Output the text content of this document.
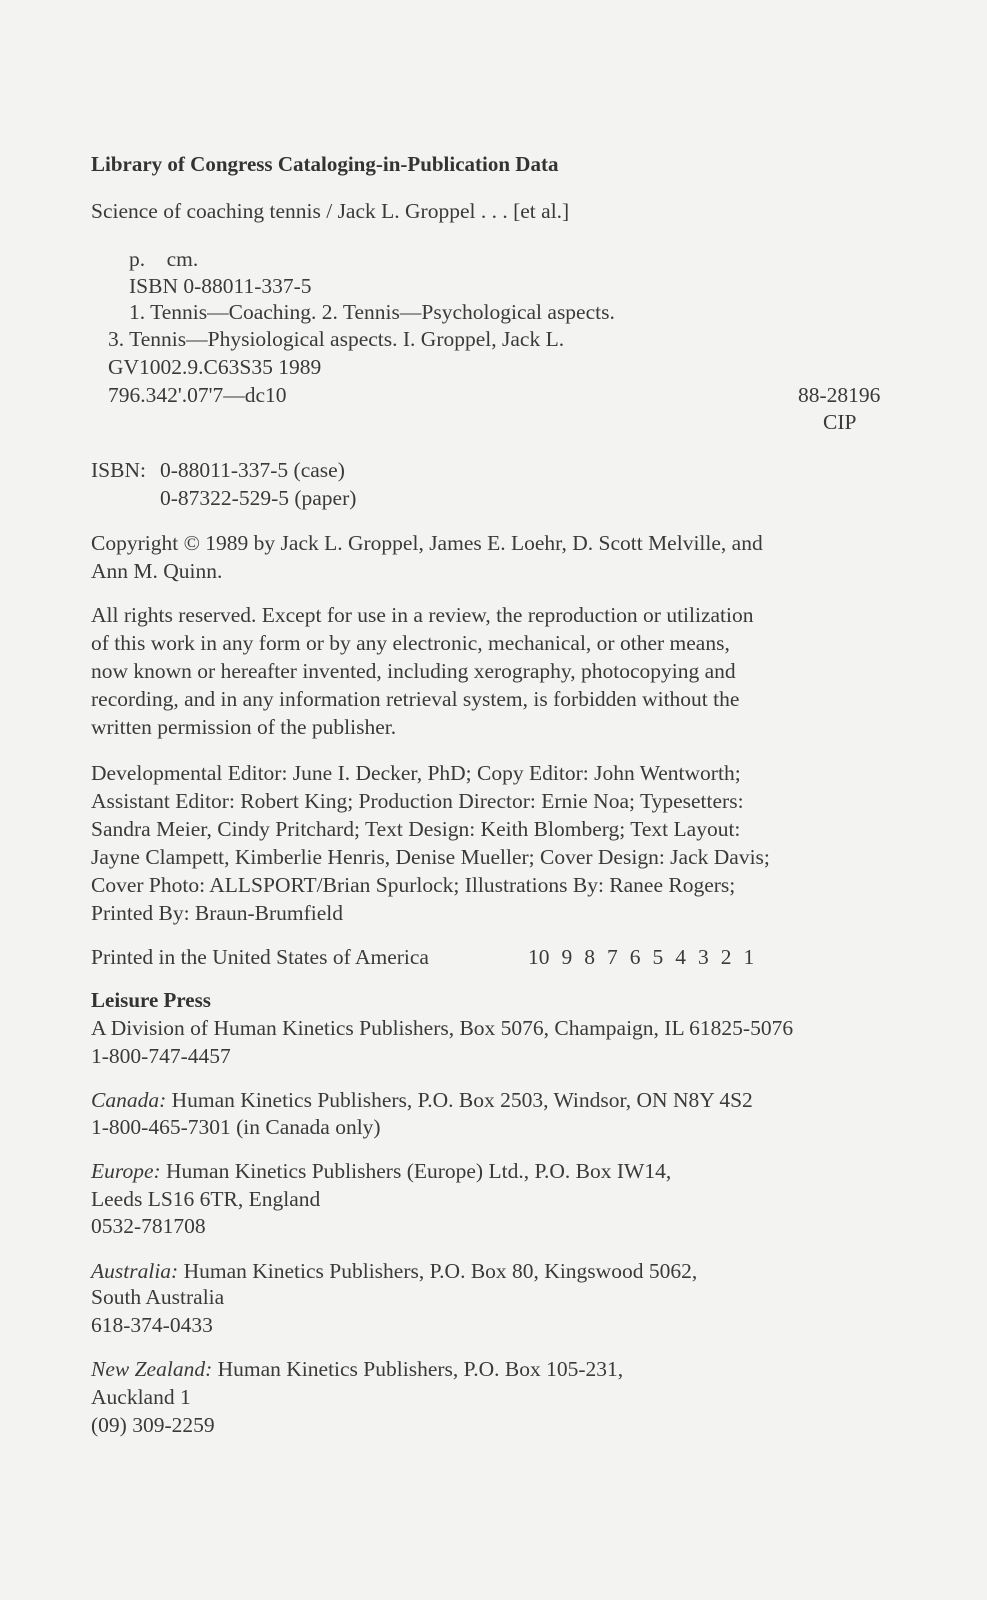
Library of Congress Cataloging-in-Publication Data
Science of coaching tennis / Jack L. Groppel . . . [et al.]
p.    cm.
ISBN 0-88011-337-5
1. Tennis—Coaching. 2. Tennis—Psychological aspects.
3. Tennis—Physiological aspects. I. Groppel, Jack L.
GV1002.9.C63S35 1989
796.342'.07'7—dc10	88-28196
CIP
ISBN: 0-88011-337-5 (case)
0-87322-529-5 (paper)
Copyright © 1989 by Jack L. Groppel, James E. Loehr, D. Scott Melville, and
Ann M. Quinn.
All rights reserved. Except for use in a review, the reproduction or utilization
of this work in any form or by any electronic, mechanical, or other means,
now known or hereafter invented, including xerography, photocopying and
recording, and in any information retrieval system, is forbidden without the
written permission of the publisher.
Developmental Editor: June I. Decker, PhD; Copy Editor: John Wentworth;
Assistant Editor: Robert King; Production Director: Ernie Noa; Typesetters:
Sandra Meier, Cindy Pritchard; Text Design: Keith Blomberg; Text Layout:
Jayne Clampett, Kimberlie Henris, Denise Mueller; Cover Design: Jack Davis;
Cover Photo: ALLSPORT/Brian Spurlock; Illustrations By: Ranee Rogers;
Printed By: Braun-Brumfield
Printed in the United States of America	10 9 8 7 6 5 4 3 2 1
Leisure Press
A Division of Human Kinetics Publishers, Box 5076, Champaign, IL 61825-5076
1-800-747-4457
Canada: Human Kinetics Publishers, P.O. Box 2503, Windsor, ON N8Y 4S2
1-800-465-7301 (in Canada only)
Europe: Human Kinetics Publishers (Europe) Ltd., P.O. Box IW14,
Leeds LS16 6TR, England
0532-781708
Australia: Human Kinetics Publishers, P.O. Box 80, Kingswood 5062,
South Australia
618-374-0433
New Zealand: Human Kinetics Publishers, P.O. Box 105-231,
Auckland 1
(09) 309-2259
